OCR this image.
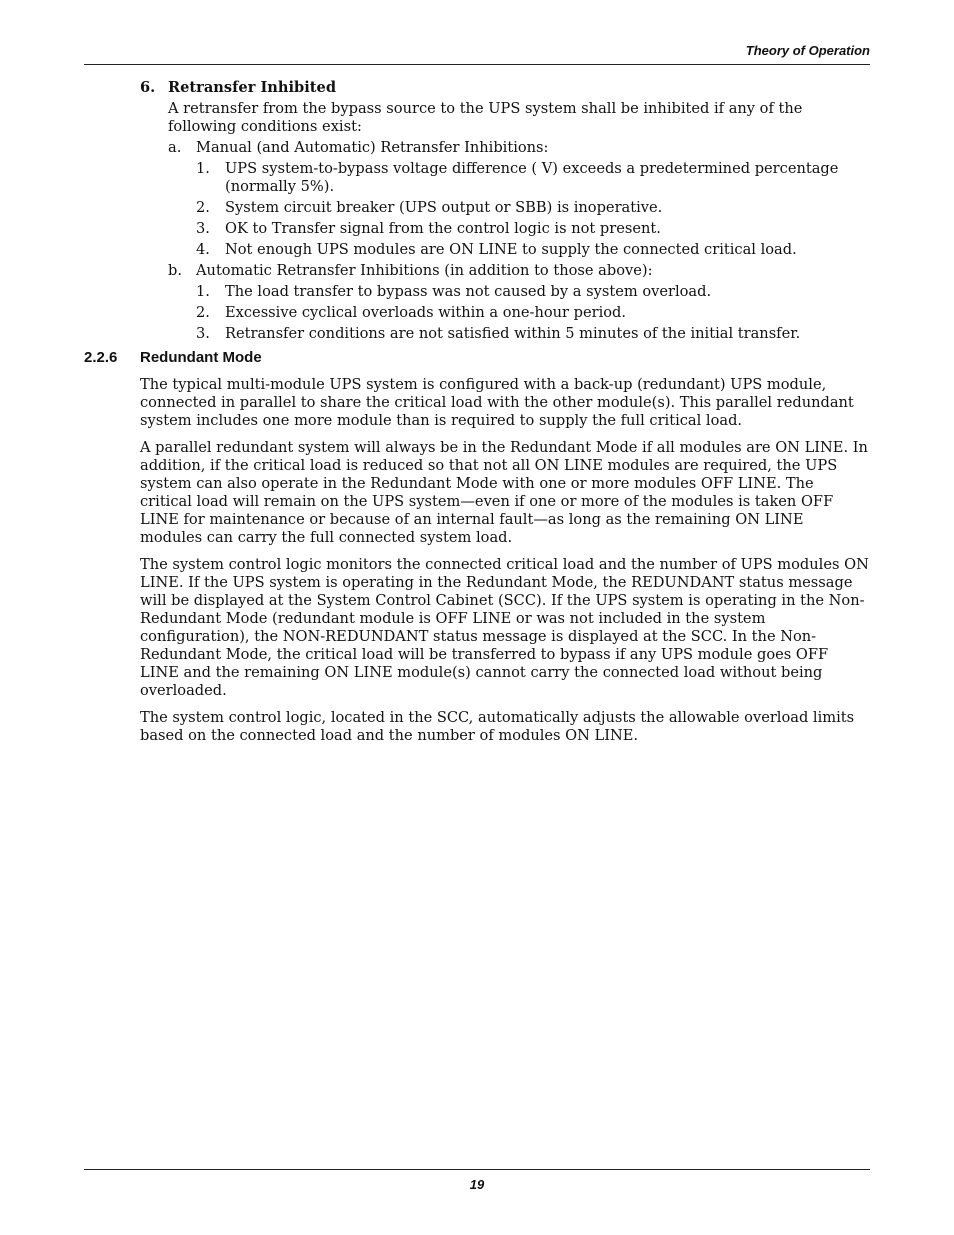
Theory of Operation
6. Retransfer Inhibited

A retransfer from the bypass source to the UPS system shall be inhibited if any of the following conditions exist:

a.	Manual (and Automatic) Retransfer Inhibitions:
1.	UPS system-to-bypass voltage difference ( V) exceeds a predetermined percentage (normally 5%).
2.	System circuit breaker (UPS output or SBB) is inoperative.
3.	OK to Transfer signal from the control logic is not present.
4.	Not enough UPS modules are ON LINE to supply the connected critical load.
b. Automatic Retransfer Inhibitions (in addition to those above):
1.	The load transfer to bypass was not caused by a system overload.
2.	Excessive cyclical overloads within a one-hour period.
3.	Retransfer conditions are not satisfied within 5 minutes of the initial transfer.
2.2.6	Redundant Mode

The typical multi-module UPS system is configured with a back-up (redundant) UPS module, connected in parallel to share the critical load with the other module(s). This parallel redundant system includes one more module than is required to supply the full critical load.

A parallel redundant system will always be in the Redundant Mode if all modules are ON LINE. In addition, if the critical load is reduced so that not all ON LINE modules are required, the UPS system can also operate in the Redundant Mode with one or more modules OFF LINE. The critical load will remain on the UPS system—even if one or more of the modules is taken OFF LINE for maintenance or because of an internal fault—as long as the remaining ON LINE modules can carry the full connected system load.

The system control logic monitors the connected critical load and the number of UPS modules ON LINE. If the UPS system is operating in the Redundant Mode, the REDUNDANT status message will be displayed at the System Control Cabinet (SCC). If the UPS system is operating in the Non-Redundant Mode (redundant module is OFF LINE or was not included in the system configuration), the NON-REDUNDANT status message is displayed at the SCC. In the Non-Redundant Mode, the critical load will be transferred to bypass if any UPS module goes OFF LINE and the remaining ON LINE module(s) cannot carry the connected load without being overloaded.

The system control logic, located in the SCC, automatically adjusts the allowable overload limits based on the connected load and the number of modules ON LINE.

19
